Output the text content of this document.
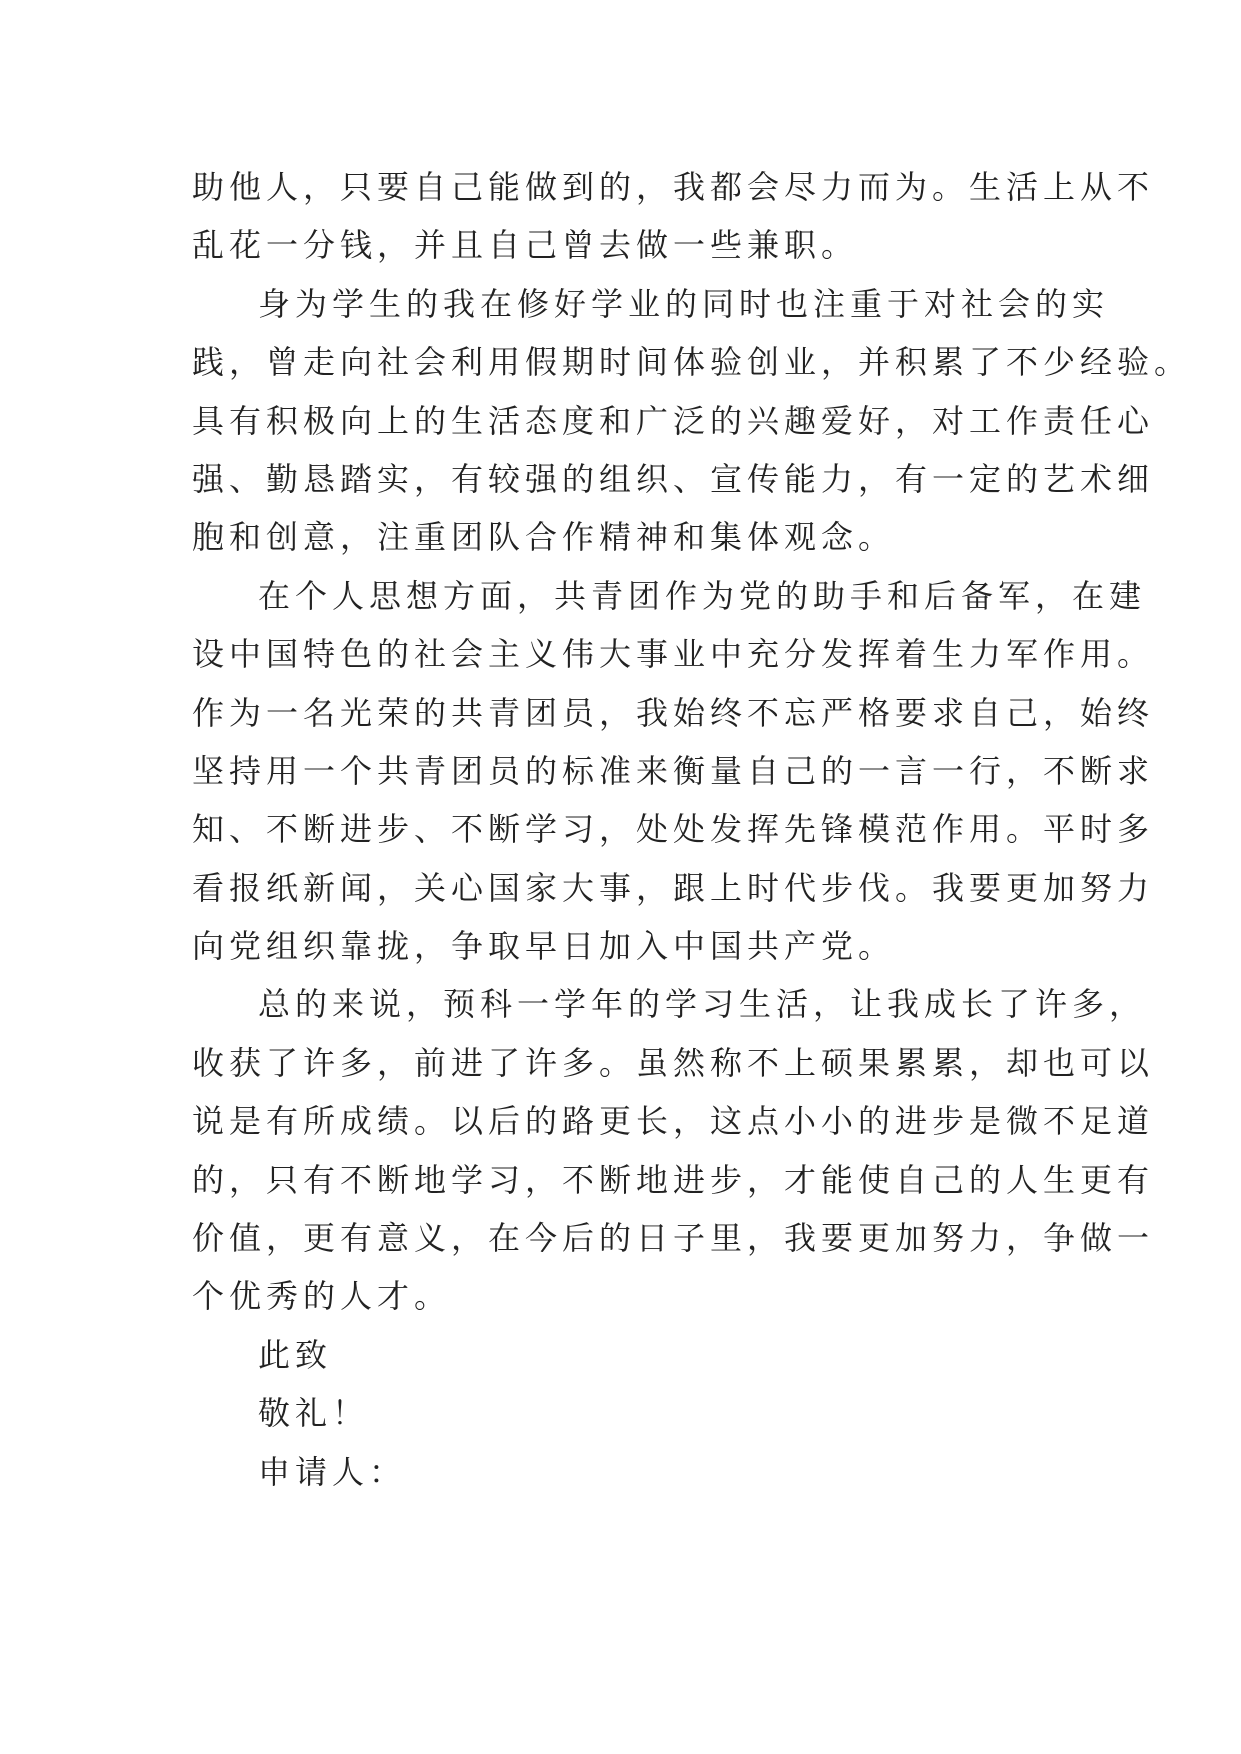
助他人，只要自己能做到的，我都会尽力而为。生活上从不
乱花一分钱，并且自己曾去做一些兼职。
身为学生的我在修好学业的同时也注重于对社会的实
践，曾走向社会利用假期时间体验创业，并积累了不少经验。
具有积极向上的生活态度和广泛的兴趣爱好，对工作责任心
强、勤恳踏实，有较强的组织、宣传能力，有一定的艺术细
胞和创意，注重团队合作精神和集体观念。
在个人思想方面，共青团作为党的助手和后备军，在建
设中国特色的社会主义伟大事业中充分发挥着生力军作用。
作为一名光荣的共青团员，我始终不忘严格要求自己，始终
坚持用一个共青团员的标准来衡量自己的一言一行，不断求
知、不断进步、不断学习，处处发挥先锋模范作用。平时多
看报纸新闻，关心国家大事，跟上时代步伐。我要更加努力
向党组织靠拢，争取早日加入中国共产党。
总的来说，预科一学年的学习生活，让我成长了许多，
收获了许多，前进了许多。虽然称不上硕果累累，却也可以
说是有所成绩。以后的路更长，这点小小的进步是微不足道
的，只有不断地学习，不断地进步，才能使自己的人生更有
价值，更有意义，在今后的日子里，我要更加努力，争做一
个优秀的人才。
此致
敬礼！
申请人：
